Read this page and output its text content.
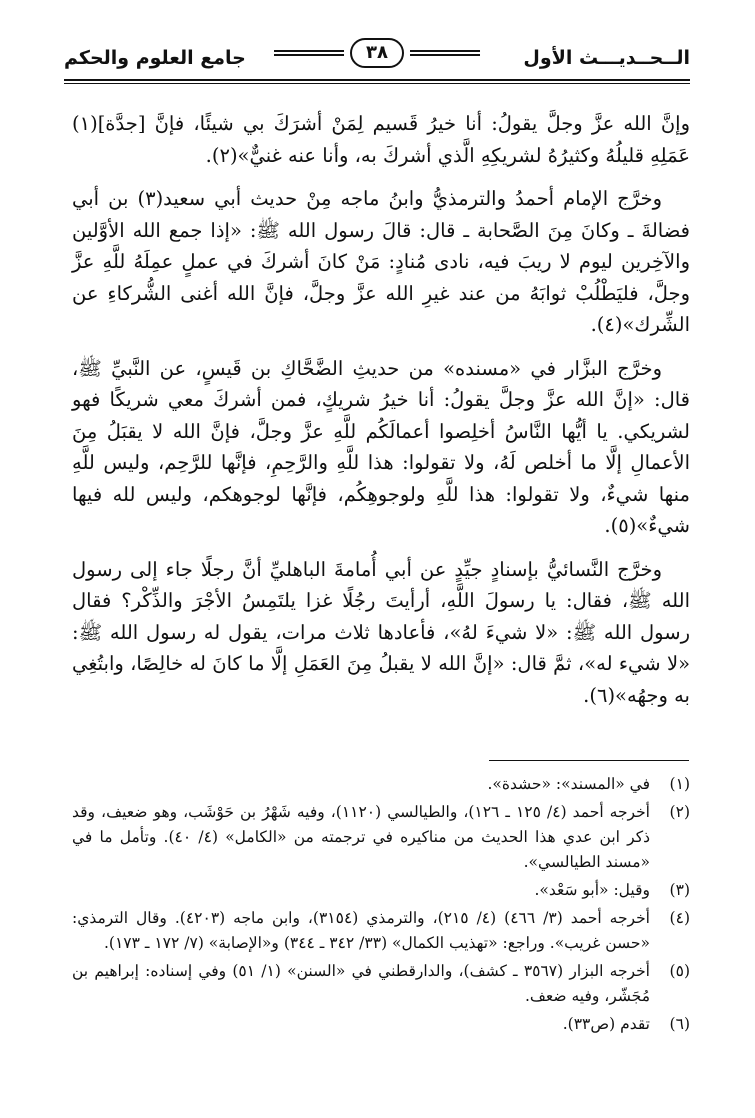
الــحــديـــث الأول
٣٨
جامع العلوم والحكم

وإنَّ الله عزَّ وجلَّ يقولُ: أنا خيرُ قَسيم لِمَنْ أشرَكَ بي شيئًا، فإنَّ [جدَّة](١) عَمَلِهِ قليلُهُ وكثيرُهُ لشريكِهِ الَّذي أشركَ به، وأنا عنه غنيٌّ»(٢).

وخرَّج الإمام أحمدُ والترمذيُّ وابنُ ماجه مِنْ حديث أبي سعيد(٣) بن أبي فضالةَ ـ وكانَ مِنَ الصَّحابة ـ قال: قالَ رسول الله ﷺ: «إذا جمع الله الأوَّلين والآخِرين ليوم لا ريبَ فيه، نادى مُنادٍ: مَنْ كانَ أشركَ في عملٍ عمِلَهُ للَّهِ عزَّ وجلَّ، فليَطْلُبْ ثوابَهُ من عند غيرِ الله عزَّ وجلَّ، فإنَّ الله أغنى الشُّركاءِ عن الشِّرك»(٤).

وخرَّج البزَّار في «مسنده» من حديثِ الضَّحَّاكِ بن قَيسٍ، عن النَّبيِّ ﷺ، قال: «إنَّ الله عزَّ وجلَّ يقولُ: أنا خيرُ شريكٍ، فمن أشركَ معي شريكًا فهو لشريكي. يا أيُّها النَّاسُ أخلِصوا أعمالَكُم للَّهِ عزَّ وجلَّ، فإنَّ الله لا يقبَلُ مِنَ الأعمالِ إلَّا ما أخلص لَهُ، ولا تقولوا: هذا للَّهِ والرَّحِمِ، فإنَّها للرَّحِم، وليس للَّهِ منها شيءٌ، ولا تقولوا: هذا للَّهِ ولوجوهِكُم، فإنَّها لوجوهكم، وليس لله فيها شيءٌ»(٥).

وخرَّج النَّسائيُّ بإسنادٍ جيِّدٍ عن أبي أُمامةَ الباهليِّ أنَّ رجلًا جاء إلى رسول الله ﷺ، فقال: يا رسولَ اللَّهِ، أرأيتَ رجُلًا غزا يلتَمِسُ الأجْرَ والذِّكْر؟ فقال رسول الله ﷺ: «لا شيءَ لهُ»، فأعادها ثلاث مرات، يقول له رسول الله ﷺ: «لا شيء له»، ثمَّ قال: «إنَّ الله لا يقبلُ مِنَ العَمَلِ إلَّا ما كانَ له خالِصًا، وابتُغِي به وجهُه»(٦).

(١)
في «المسند»: «حشدة».
(٢)
أخرجه أحمد (٤/ ١٢٥ ـ ١٢٦)، والطيالسي (١١٢٠)، وفيه شَهْرُ بن حَوْشَب، وهو ضعيف، وقد ذكر ابن عدي هذا الحديث من مناكيره في ترجمته من «الكامل» (٤/ ٤٠). وتأمل ما في «مسند الطيالسي».
(٣)
وقيل: «أبو سَعْد».
(٤)
أخرجه أحمد (٣/ ٤٦٦) (٤/ ٢١٥)، والترمذي (٣١٥٤)، وابن ماجه (٤٢٠٣). وقال الترمذي: «حسن غريب». وراجع: «تهذيب الكمال» (٣٣/ ٣٤٢ ـ ٣٤٤) و«الإصابة» (٧/ ١٧٢ ـ ١٧٣).
(٥)
أخرجه البزار (٣٥٦٧ ـ كشف)، والدارقطني في «السنن» (١/ ٥١) وفي إسناده: إبراهيم بن مُجَشّر، وفيه ضعف.
(٦)
تقدم (ص٣٣).
